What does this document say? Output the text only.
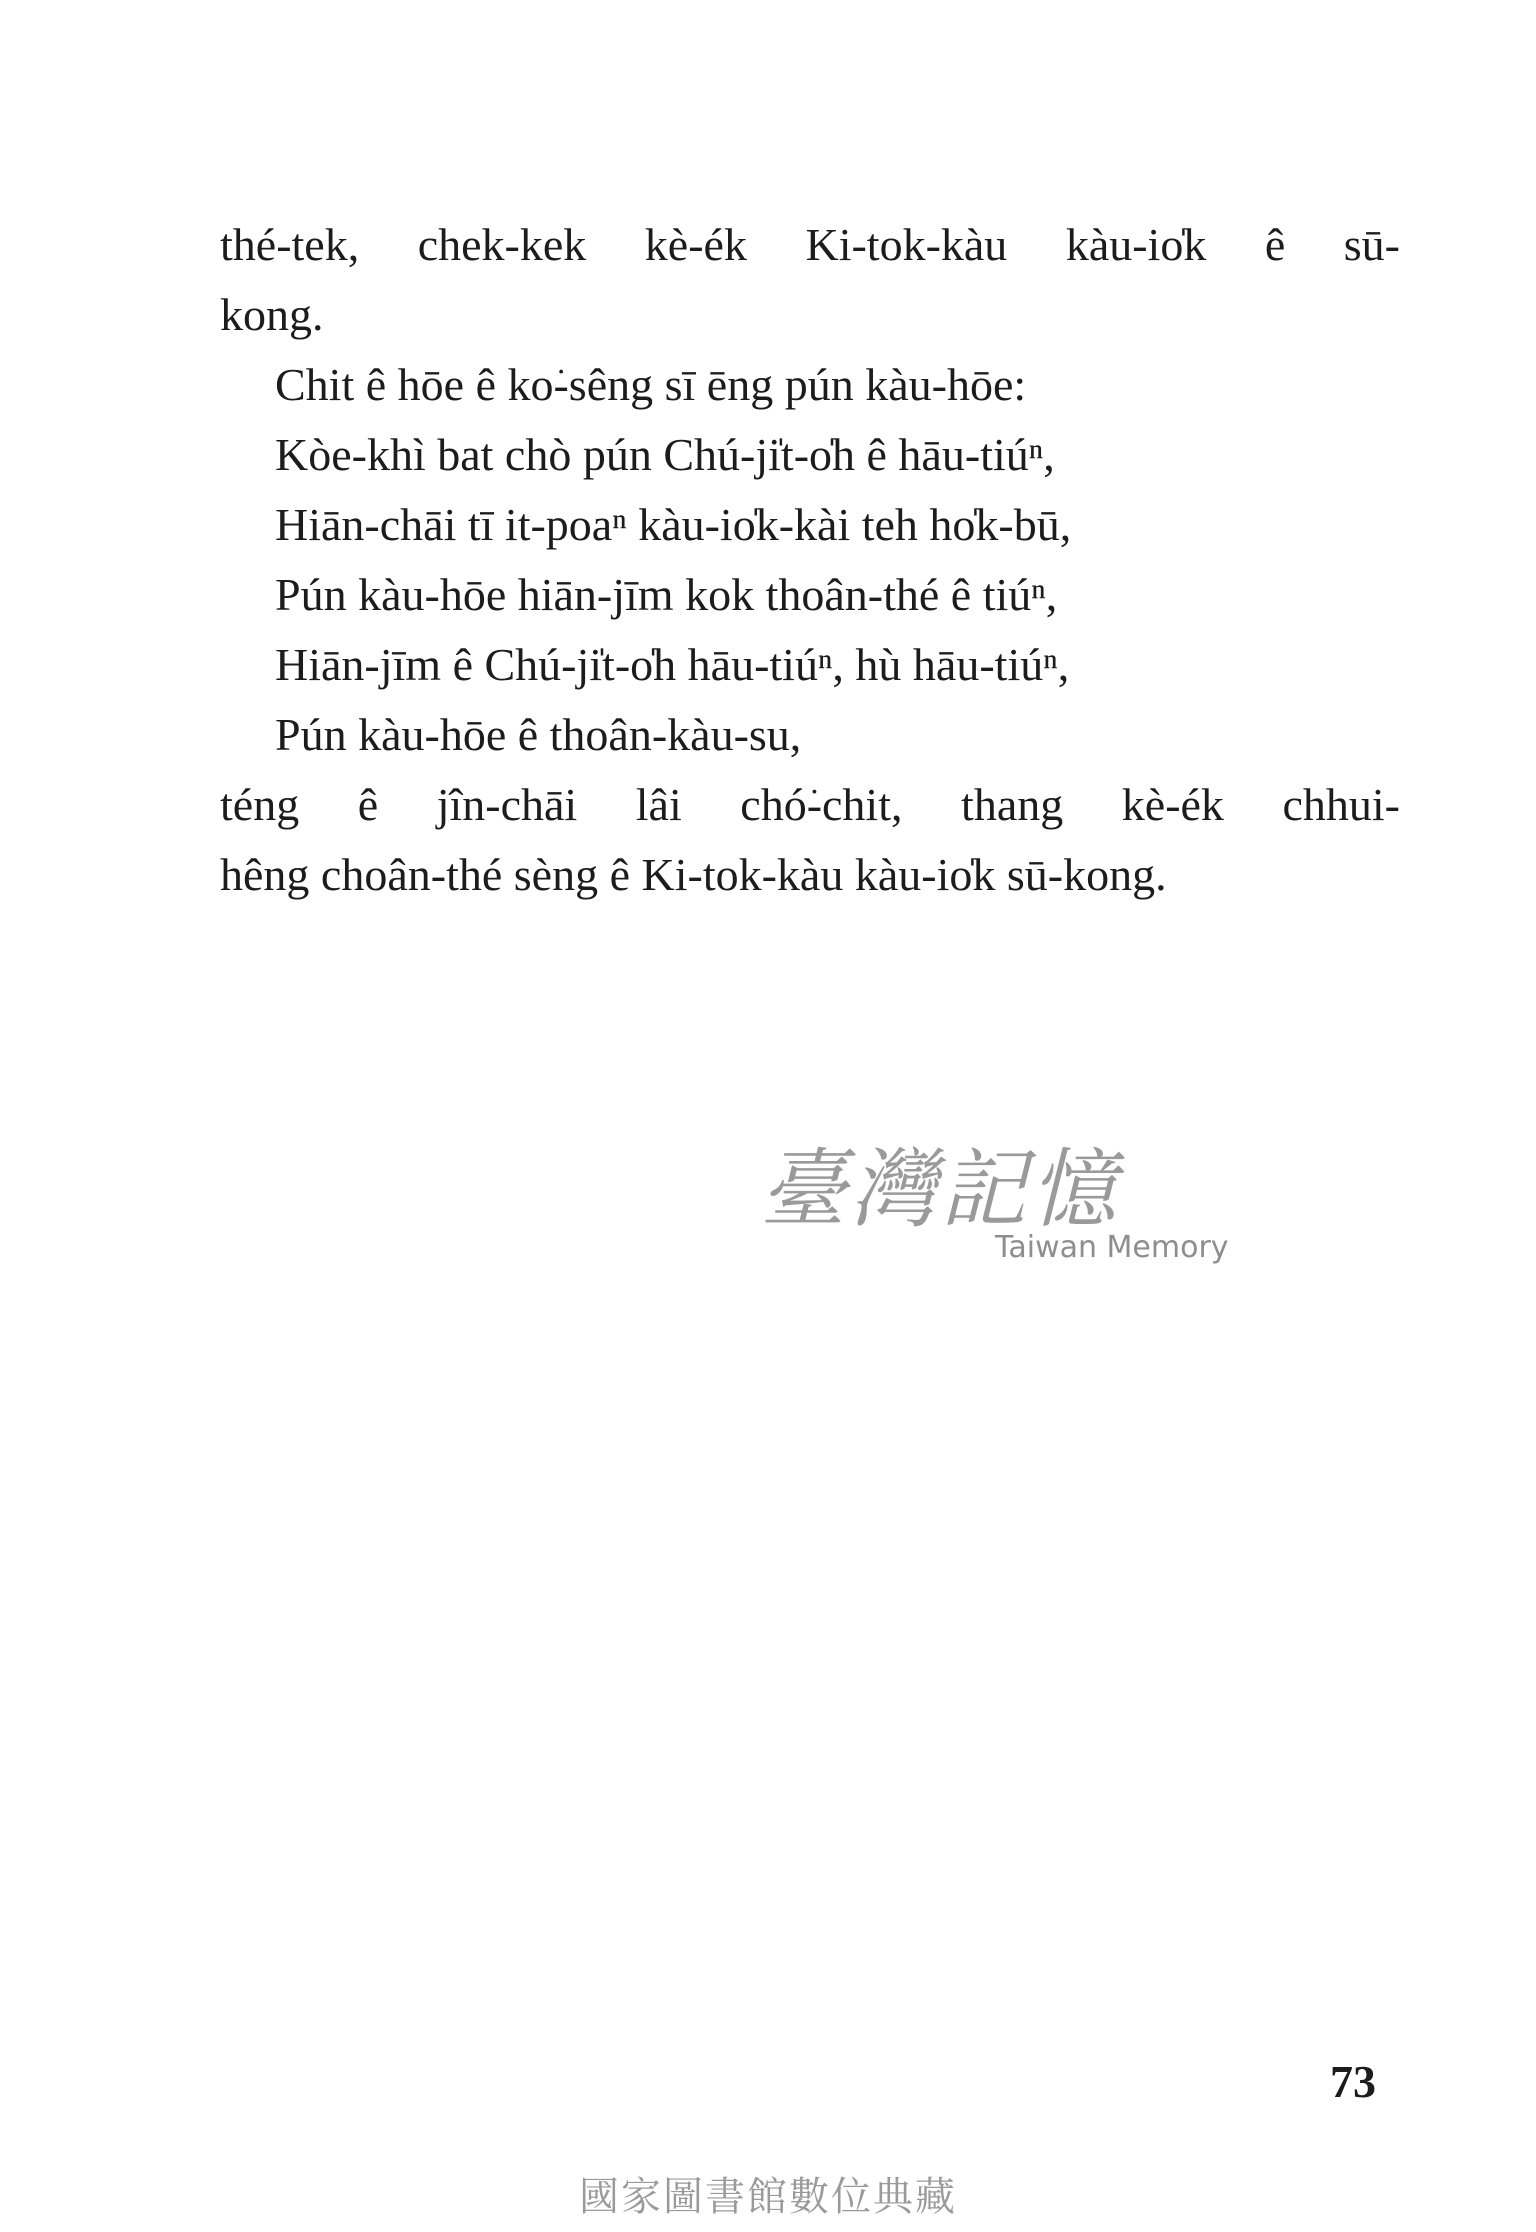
thé-tek, chek-kek kè-ék Ki-tok-kàu kàu-io̍k ê sū-
kong.
Chit ê hōe ê ko͘-sêng sī ēng pún kàu-hōe:
Kòe-khì bat chò pún Chú-ji̍t-o̍h ê hāu-tiúⁿ,
Hiān-chāi tī it-poaⁿ kàu-io̍k-kài teh ho̍k-bū,
Pún kàu-hōe hiān-jīm kok thoân-thé ê tiúⁿ,
Hiān-jīm ê Chú-ji̍t-o̍h hāu-tiúⁿ, hù hāu-tiúⁿ,
Pún kàu-hōe ê thoân-kàu-su,
téng ê jîn-chāi lâi chó͘-chit, thang kè-ék chhui-
hêng choân-thé sèng ê Ki-tok-kàu kàu-io̍k sū-kong.
臺灣記憶
Taiwan Memory
73
國家圖書館數位典藏
